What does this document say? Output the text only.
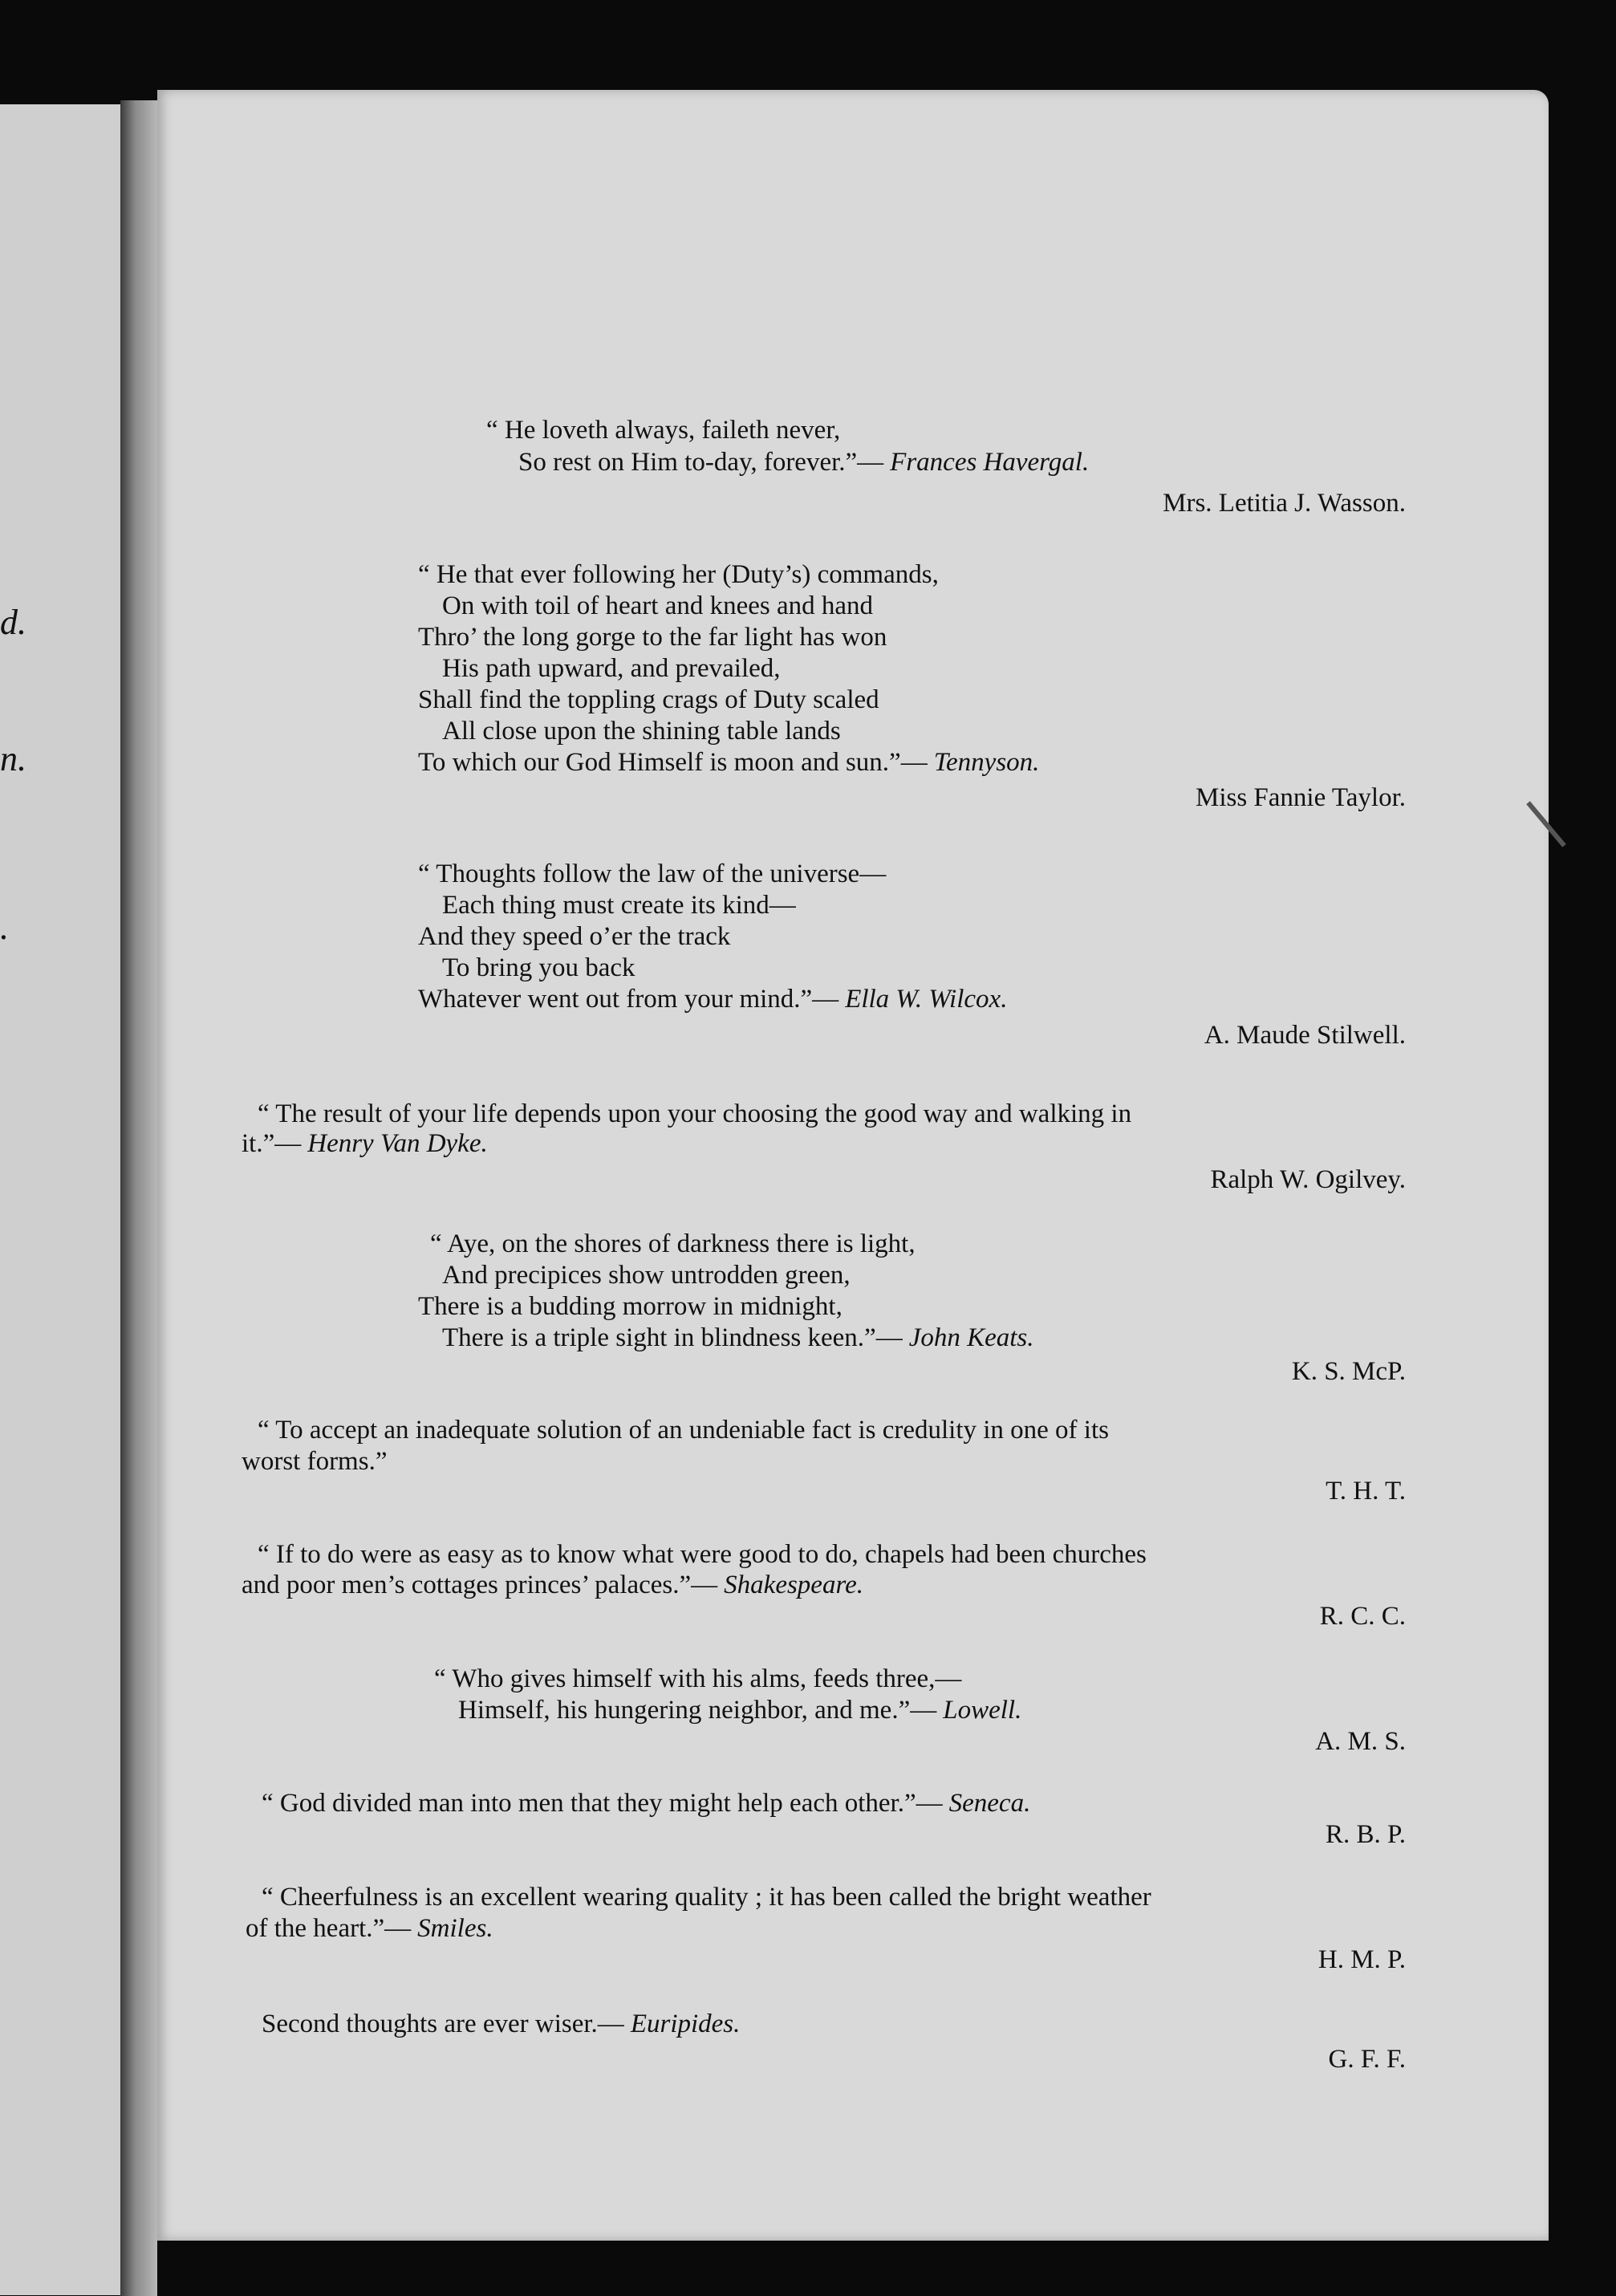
d.
n.
.
“ He loveth always, faileth never,
So rest on Him to-day, forever.”— Frances Havergal.
Mrs. Letitia J. Wasson.
“ He that ever following her (Duty’s) commands,
On with toil of heart and knees and hand
Thro’ the long gorge to the far light has won
His path upward, and prevailed,
Shall find the toppling crags of Duty scaled
All close upon the shining table lands
To which our God Himself is moon and sun.”— Tennyson.
Miss Fannie Taylor.
“ Thoughts follow the law of the universe—
Each thing must create its kind—
And they speed o’er the track
To bring you back
Whatever went out from your mind.”— Ella W. Wilcox.
A. Maude Stilwell.
“ The result of your life depends upon your choosing the good way and walking in
it.”— Henry Van Dyke.
Ralph W. Ogilvey.
“ Aye, on the shores of darkness there is light,
And precipices show untrodden green,
There is a budding morrow in midnight,
There is a triple sight in blindness keen.”— John Keats.
K. S. McP.
“ To accept an inadequate solution of an undeniable fact is credulity in one of its
worst forms.”
T. H. T.
“ If to do were as easy as to know what were good to do, chapels had been churches
and poor men’s cottages princes’ palaces.”— Shakespeare.
R. C. C.
“ Who gives himself with his alms, feeds three,—
Himself, his hungering neighbor, and me.”— Lowell.
A. M. S.
“ God divided man into men that they might help each other.”— Seneca.
R. B. P.
“ Cheerfulness is an excellent wearing quality ; it has been called the bright weather
of the heart.”— Smiles.
H. M. P.
Second thoughts are ever wiser.— Euripides.
G. F. F.
